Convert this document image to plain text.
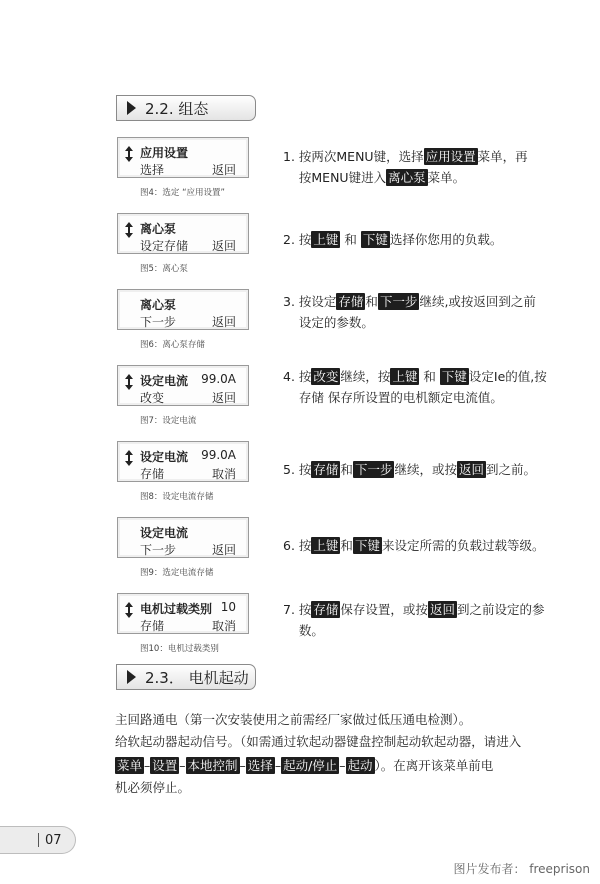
2.2. 组态
应用设置
选择	返回
图4：选定 “应用设置”
离心泵
设定存储 返回
图5：离心泵
离心泵
下一步	返回
图6：离心泵存储
设定电流 99.0A
改变	返回
图7：设定电流
设定电流 99.0A
存储	取消
图8：设定电流存储
设定电流
下一步	返回
图9：选定电流存储
电机过载类别 10
存储	取消
图10：电机过载类别
1. 按两次MENU键，选择 应用设置 菜单，再
按MENU键进入 离心泵 菜单。
2. 按 上键 和 下键 选择你您用的负载。
3. 按设定 存储 和 下一步 继续,或按返回到之前
设定的参数。
4. 按 改变 继续，按 上键 和 下键 设定Ie的值,按
存储 保存所设置的电机额定电流值。
5. 按 存储 和 下一步 继续，或按 返回 到之前。
6. 按 上键 和 下键 来设定所需的负载过载等级。
7. 按 存储 保存设置，或按 返回 到之前设定的参
数。
2.3． 电机起动
主回路通电（第一次安装使用之前需经厂家做过低压通电检测）。
给软起动器起动信号。（如需通过软起动器键盘控制起动软起动器，请进入
菜单 – 设置 – 本地控制 – 选择 – 起动/停止 – 起动 ）。在离开该菜单前电
机必须停止。
07
图片发布者： freeprison
